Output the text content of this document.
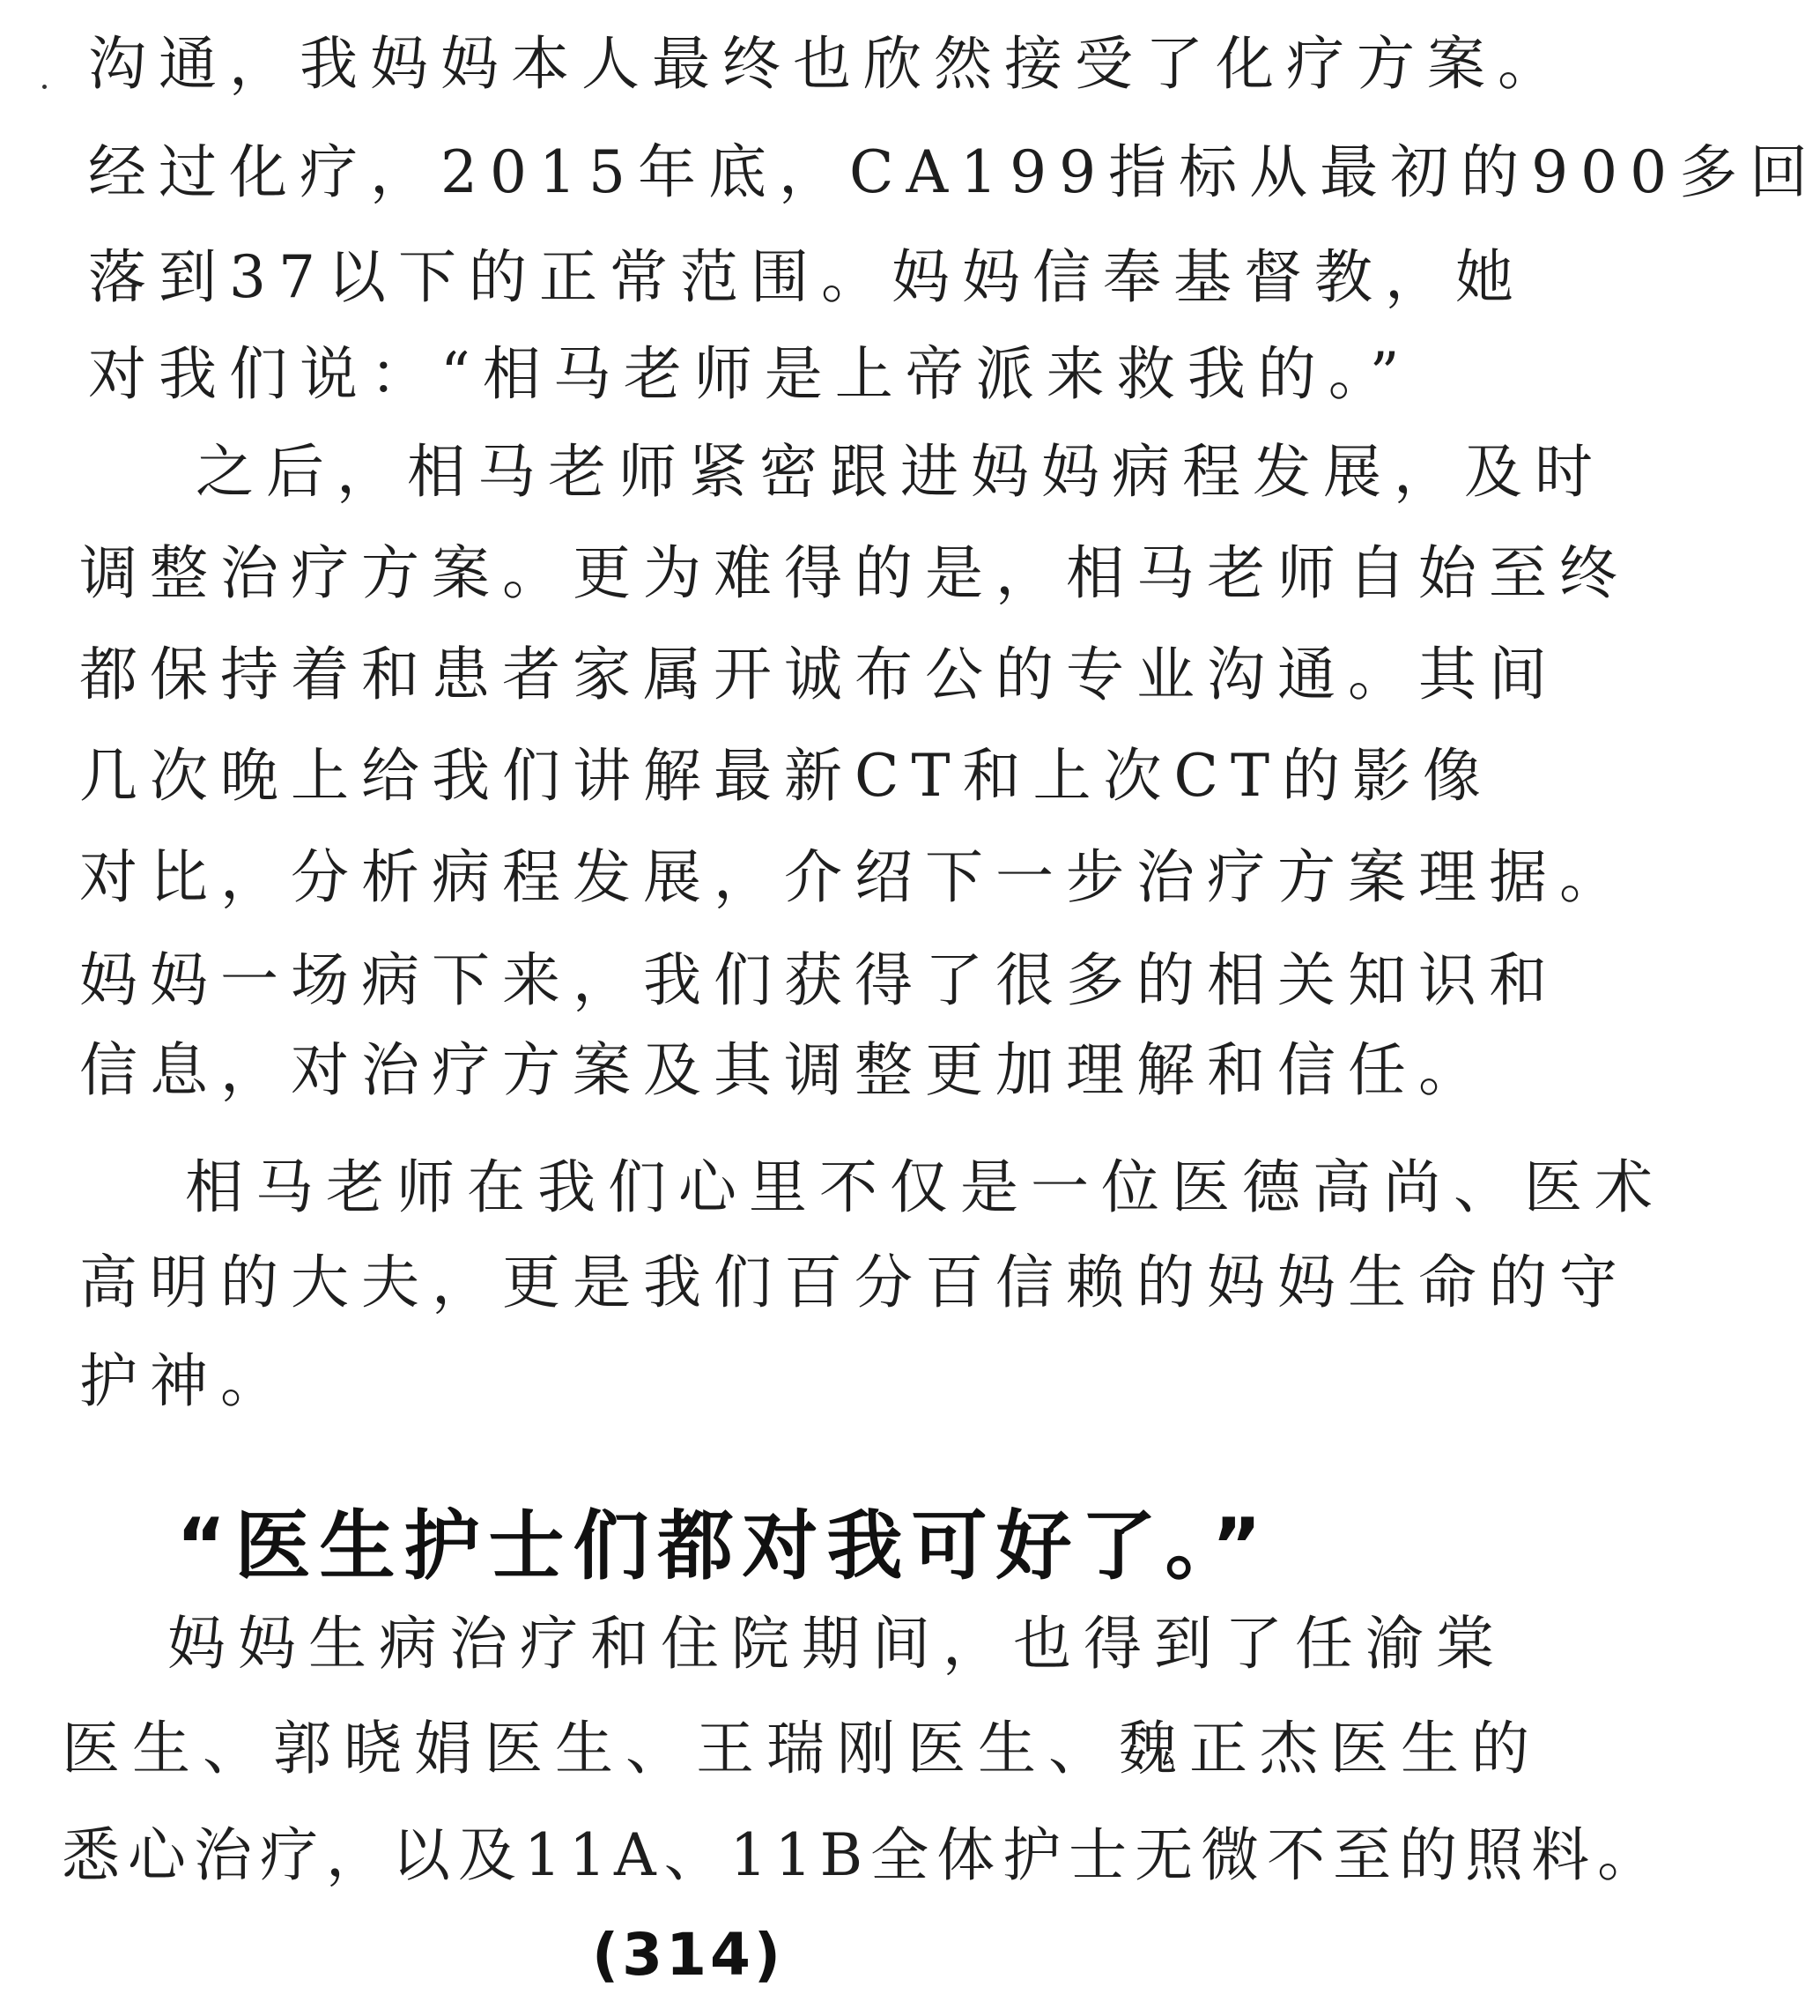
沟通，我妈妈本人最终也欣然接受了化疗方案。
经过化疗，2015年底，CA199指标从最初的900多回
落到37以下的正常范围。妈妈信奉基督教，她
对我们说：“相马老师是上帝派来救我的。”
之后，相马老师紧密跟进妈妈病程发展，及时
调整治疗方案。更为难得的是，相马老师自始至终
都保持着和患者家属开诚布公的专业沟通。其间
几次晚上给我们讲解最新CT和上次CT的影像
对比，分析病程发展，介绍下一步治疗方案理据。
妈妈一场病下来，我们获得了很多的相关知识和
信息，对治疗方案及其调整更加理解和信任。
相马老师在我们心里不仅是一位医德高尚、医术
高明的大夫，更是我们百分百信赖的妈妈生命的守
护神。
“医生护士们都对我可好了。”
妈妈生病治疗和住院期间，也得到了任渝棠
医生、郭晓娟医生、王瑞刚医生、魏正杰医生的
悉心治疗，以及11A、11B全体护士无微不至的照料。
(314)
